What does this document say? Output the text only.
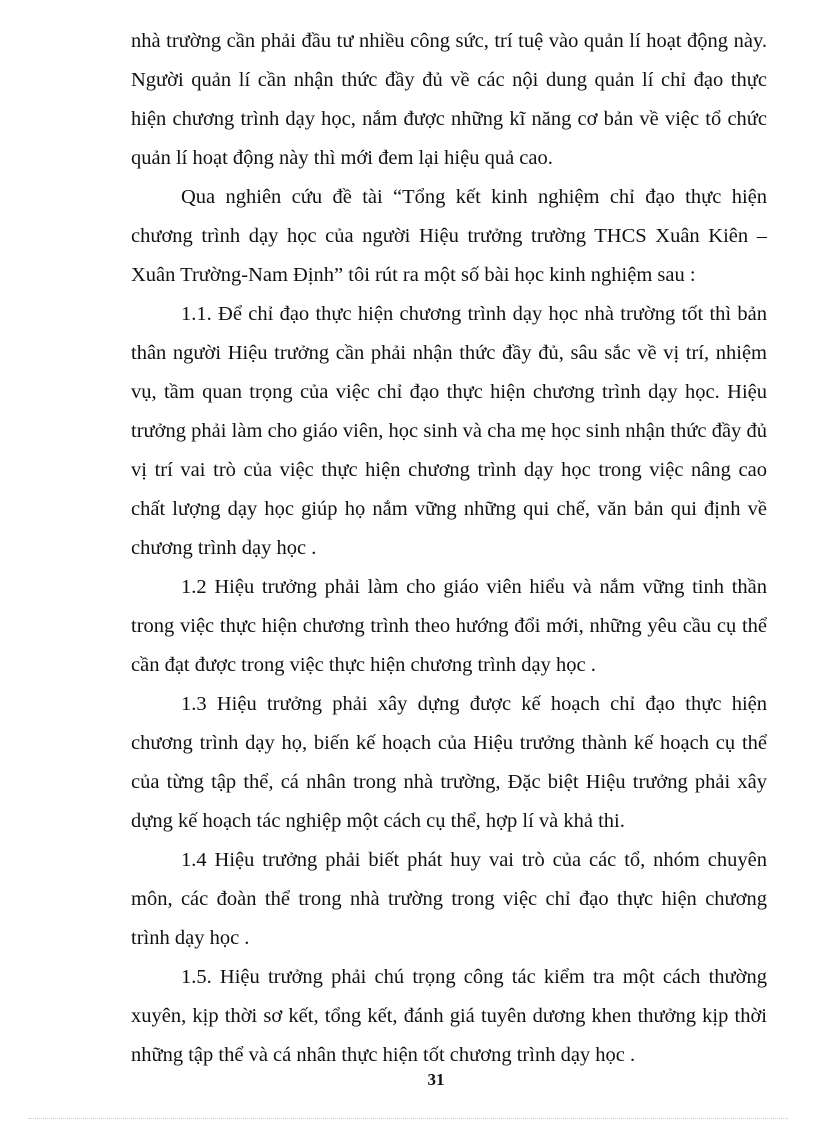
nhà trường cần phải đầu tư nhiều công sức, trí tuệ vào quản lí hoạt động này. Người quản lí cần nhận thức đầy đủ về các nội dung quản lí chỉ đạo thực hiện chương trình dạy học, nắm được những kĩ năng cơ bản về việc tổ chức quản lí hoạt động này thì mới đem lại hiệu quả cao.

Qua nghiên cứu đề tài “Tổng kết kinh nghiệm chỉ đạo thực hiện chương trình dạy học của người Hiệu trưởng trường THCS Xuân Kiên –Xuân Trường-Nam Định” tôi rút ra một số bài học kinh nghiệm sau :

1.1. Để chỉ đạo thực hiện chương trình dạy học nhà trường tốt thì bản thân người Hiệu trưởng cần phải nhận thức đầy đủ, sâu sắc về vị trí, nhiệm vụ, tầm quan trọng của việc chỉ đạo thực hiện chương trình dạy học. Hiệu trưởng phải làm cho giáo viên, học sinh và cha mẹ học sinh nhận thức đầy đủ vị trí vai trò của việc thực hiện chương trình dạy học trong việc nâng cao chất lượng dạy học giúp họ nắm vững những qui chế, văn bản qui định về chương trình dạy học .

1.2 Hiệu trưởng phải làm cho giáo viên hiểu và nắm vững tinh thần trong việc thực hiện chương trình theo hướng đổi mới, những yêu cầu cụ thể cần đạt được trong việc thực hiện chương trình dạy học .

1.3 Hiệu trưởng phải xây dựng được kế hoạch chỉ đạo thực hiện chương trình dạy họ, biến kế hoạch của Hiệu trưởng thành kế hoạch cụ thể của từng tập thể, cá nhân trong nhà trường, Đặc biệt Hiệu trưởng phải xây dựng kế hoạch tác nghiệp một cách cụ thể, hợp lí và khả thi.

1.4 Hiệu trưởng phải biết phát huy vai trò của các tổ, nhóm chuyên môn, các đoàn thể trong nhà trường trong việc chỉ đạo thực hiện chương trình dạy học .

1.5. Hiệu trưởng phải chú trọng công tác kiểm tra một cách thường xuyên, kịp thời sơ kết, tổng kết, đánh giá tuyên dương khen thưởng kịp thời những tập thể và cá nhân thực hiện tốt chương trình dạy học .

31
